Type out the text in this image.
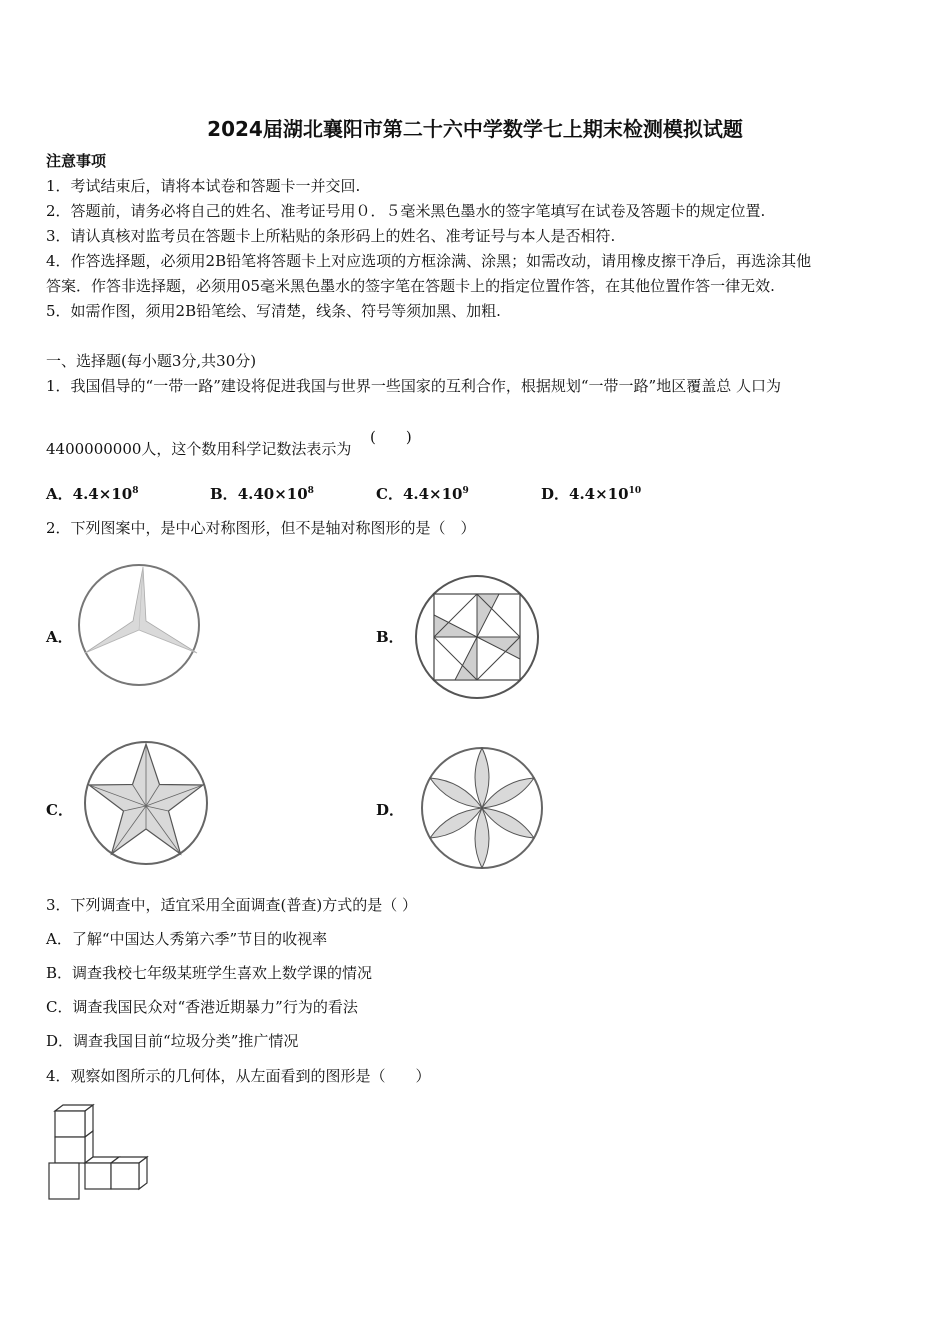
2024届湖北襄阳市第二十六中学数学七上期末检测模拟试题
注意事项
1．考试结束后，请将本试卷和答题卡一并交回.
2．答题前，请务必将自己的姓名、准考证号用０．５毫米黑色墨水的签字笔填写在试卷及答题卡的规定位置.
3．请认真核对监考员在答题卡上所粘贴的条形码上的姓名、准考证号与本人是否相符.
4．作答选择题，必须用2B铅笔将答题卡上对应选项的方框涂满、涂黑；如需改动，请用橡皮擦干净后，再选涂其他
答案．作答非选择题，必须用05毫米黑色墨水的签字笔在答题卡上的指定位置作答，在其他位置作答一律无效.
5．如需作图，须用2B铅笔绘、写清楚，线条、符号等须加黑、加粗.
一、选择题(每小题3分,共30分)
1．我国倡导的“一带一路”建设将促进我国与世界一些国家的互利合作，根据规划“一带一路”地区覆盖总 人口为
(　　)
4400000000人，这个数用科学记数法表示为
A．$4.4\times 10^8$	B．$4.40\times 10^8$	C．$4.4\times 10^9$	D．$4.4\times 10^{10}$
2．下列图案中，是中心对称图形，但不是轴对称图形的是（　）
A．	B．
C．	D．
3．下列调查中，适宜采用全面调查(普查)方式的是（ ）
A．了解“中国达人秀第六季”节目的收视率
B．调查我校七年级某班学生喜欢上数学课的情况
C．调查我国民众对“香港近期暴力”行为的看法
D．调查我国目前“垃圾分类”推广情况
4．观察如图所示的几何体，从左面看到的图形是（　　）
